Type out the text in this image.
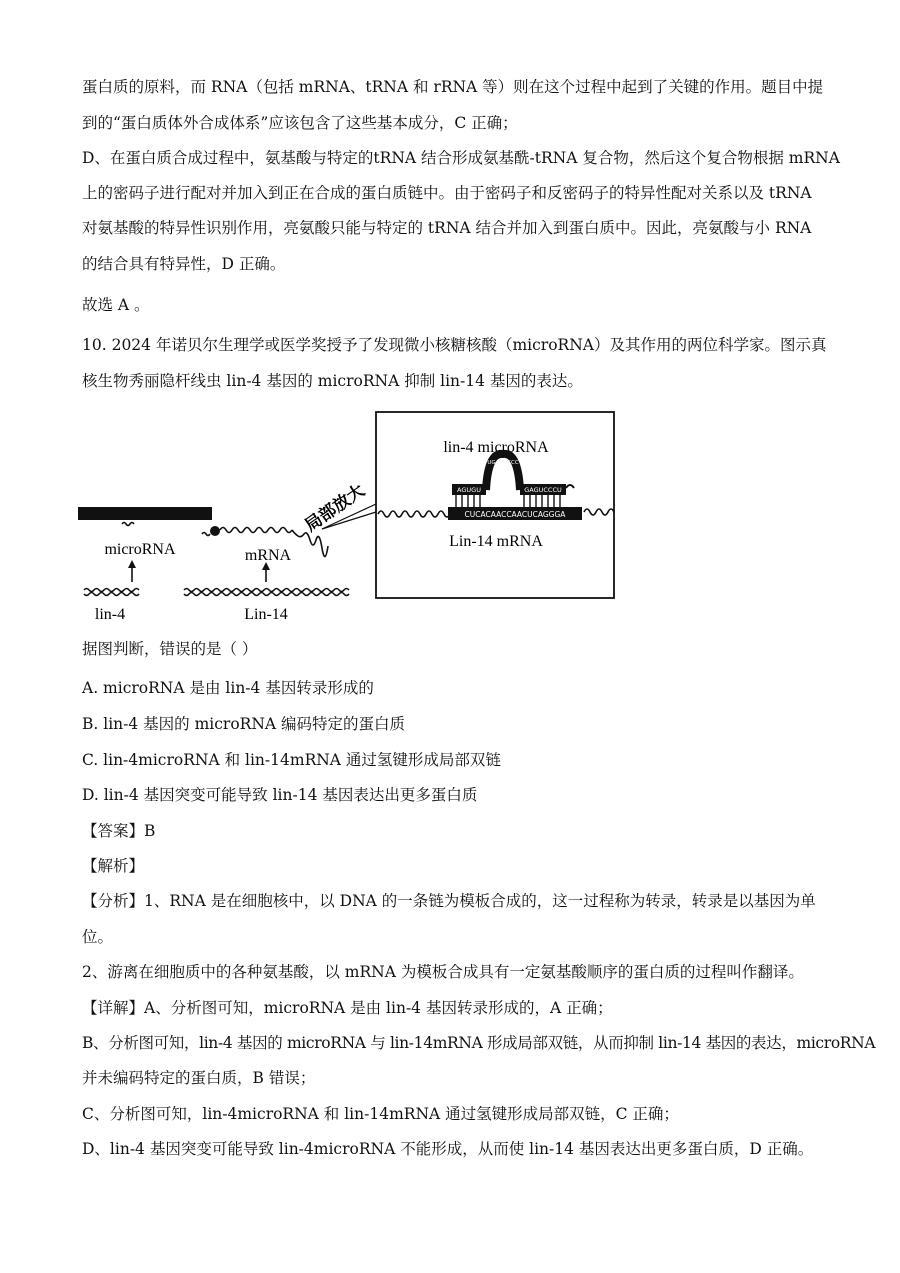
蛋白质的原料，而 RNA（包括 mRNA、tRNA 和 rRNA 等）则在这个过程中起到了关键的作用。题目中提
到的“蛋白质体外合成体系”应该包含了这些基本成分，C 正确；
D、在蛋白质合成过程中，氨基酸与特定的tRNA 结合形成氨基酰-tRNA 复合物，然后这个复合物根据 mRNA
上的密码子进行配对并加入到正在合成的蛋白质链中。由于密码子和反密码子的特异性配对关系以及 tRNA
对氨基酸的特异性识别作用，亮氨酸只能与特定的 tRNA 结合并加入到蛋白质中。因此，亮氨酸与小 RNA
的结合具有特异性，D 正确。
故选 A 。
10. 2024 年诺贝尔生理学或医学奖授予了发现微小核糖核酸（microRNA）及其作用的两位科学家。图示真
核生物秀丽隐杆线虫 lin-4 基因的 microRNA 抑制 lin-14 基因的表达。
lin-4
microRNA
Lin-14
mRNA
局部放大
lin-4 microRNA
CUCACAACCAACUCAGGGA
AGUGU	GAGUCCCU
UGACUCCC
Lin-14 mRNA
据图判断，错误的是（ ）
A. microRNA 是由 lin-4 基因转录形成的
B. lin-4 基因的 microRNA 编码特定的蛋白质
C. lin-4microRNA 和 lin-14mRNA 通过氢键形成局部双链
D. lin-4 基因突变可能导致 lin-14 基因表达出更多蛋白质
【答案】B
【解析】
【分析】1、RNA 是在细胞核中，以 DNA 的一条链为模板合成的，这一过程称为转录，转录是以基因为单
位。
2、游离在细胞质中的各种氨基酸，以 mRNA 为模板合成具有一定氨基酸顺序的蛋白质的过程叫作翻译。
【详解】A、分析图可知，microRNA 是由 lin-4 基因转录形成的，A 正确；
B、分析图可知，lin-4 基因的 microRNA 与 lin-14mRNA 形成局部双链，从而抑制 lin-14 基因的表达，microRNA
并未编码特定的蛋白质，B 错误；
C、分析图可知，lin-4microRNA 和 lin-14mRNA 通过氢键形成局部双链，C 正确；
D、lin-4 基因突变可能导致 lin-4microRNA 不能形成，从而使 lin-14 基因表达出更多蛋白质，D 正确。
